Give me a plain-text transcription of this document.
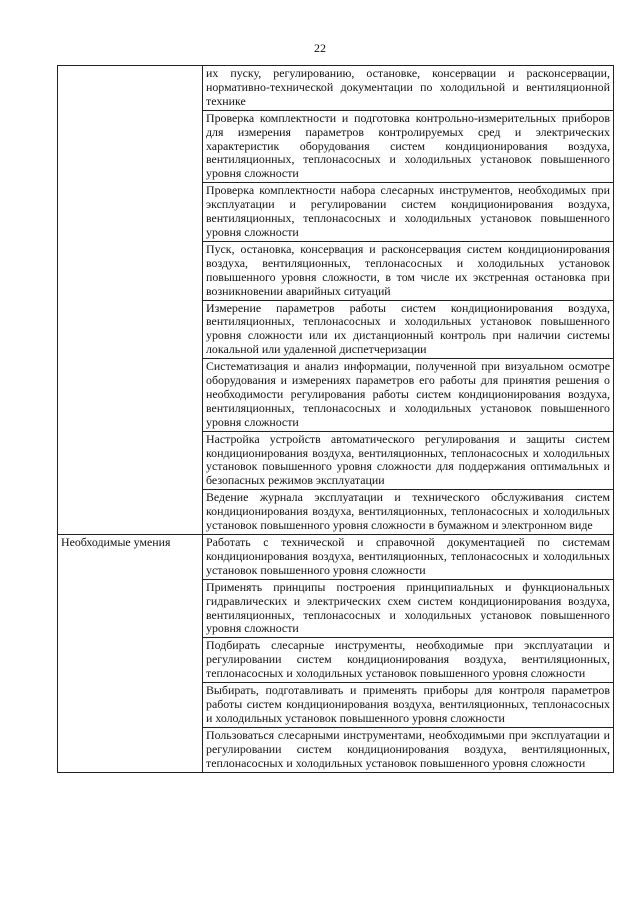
22
	их пуску, регулированию, остановке, консервации и расконсервации, нормативно-технической документации по холодильной и вентиляционной технике
	Проверка комплектности и подготовка контрольно-измерительных приборов для измерения параметров контролируемых сред и электрических характеристик оборудования систем кондиционирования воздуха, вентиляционных, теплонасосных и холодильных установок повышенного уровня сложности
	Проверка комплектности набора слесарных инструментов, необходимых при эксплуатации и регулировании систем кондиционирования воздуха, вентиляционных, теплонасосных и холодильных установок повышенного уровня сложности
	Пуск, остановка, консервация и расконсервация систем кондиционирования воздуха, вентиляционных, теплонасосных и холодильных установок повышенного уровня сложности, в том числе их экстренная остановка при возникновении аварийных ситуаций
	Измерение параметров работы систем кондиционирования воздуха, вентиляционных, теплонасосных и холодильных установок повышенного уровня сложности или их дистанционный контроль при наличии системы локальной или удаленной диспетчеризации
	Систематизация и анализ информации, полученной при визуальном осмотре оборудования и измерениях параметров его работы для принятия решения о необходимости регулирования работы систем кондиционирования воздуха, вентиляционных, теплонасосных и холодильных установок повышенного уровня сложности
	Настройка устройств автоматического регулирования и защиты систем кондиционирования воздуха, вентиляционных, теплонасосных и холодильных установок повышенного уровня сложности для поддержания оптимальных и безопасных режимов эксплуатации
	Ведение журнала эксплуатации и технического обслуживания систем кондиционирования воздуха, вентиляционных, теплонасосных и холодильных установок повышенного уровня сложности в бумажном и электронном виде
Необходимые умения	Работать с технической и справочной документацией по системам кондиционирования воздуха, вентиляционных, теплонасосных и холодильных установок повышенного уровня сложности
	Применять принципы построения принципиальных и функциональных гидравлических и электрических схем систем кондиционирования воздуха, вентиляционных, теплонасосных и холодильных установок повышенного уровня сложности
	Подбирать слесарные инструменты, необходимые при эксплуатации и регулировании систем кондиционирования воздуха, вентиляционных, теплонасосных и холодильных установок повышенного уровня сложности
	Выбирать, подготавливать и применять приборы для контроля параметров работы систем кондиционирования воздуха, вентиляционных, теплонасосных и холодильных установок повышенного уровня сложности
	Пользоваться слесарными инструментами, необходимыми при эксплуатации и регулировании систем кондиционирования воздуха, вентиляционных, теплонасосных и холодильных установок повышенного уровня сложности
